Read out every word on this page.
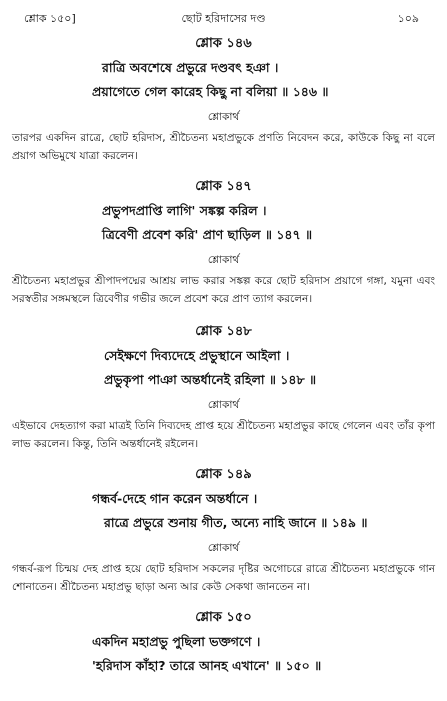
শ্লোক ১৫০]	ছোট হরিদাসের দণ্ড	১০৯

শ্লোক ১৪৬

রাত্রি অবশেষে প্রভুরে দণ্ডবৎ হঞা ।

প্রয়াগেতে গেল কারেহ কিছু না বলিয়া ॥ ১৪৬ ॥

শ্লোকার্থ

তারপর একদিন রাত্রে, ছোট হরিদাস, শ্রীচৈতন্য মহাপ্রভুকে প্রণতি নিবেদন করে, কাউকে কিছু না বলে প্রয়াগ অভিমুখে যাত্রা করলেন।

শ্লোক ১৪৭

প্রভুপদপ্রাপ্তি লাগি' সঙ্কল্প করিল ।

ত্রিবেণী প্রবেশ করি' প্রাণ ছাড়িল ॥ ১৪৭ ॥

শ্লোকার্থ

শ্রীচৈতন্য মহাপ্রভুর শ্রীপাদপদ্মের আশ্রয় লাভ করার সঙ্কল্প করে ছোট হরিদাস প্রয়াগে গঙ্গা, যমুনা এবং সরস্বতীর সঙ্গমস্থলে ত্রিবেণীর গভীর জলে প্রবেশ করে প্রাণ ত্যাগ করলেন।

শ্লোক ১৪৮

সেইক্ষণে দিব্যদেহে প্রভুস্থানে আইলা ।

প্রভুকৃপা পাঞা অন্তর্ধানেই রহিলা ॥ ১৪৮ ॥

শ্লোকার্থ

এইভাবে দেহত্যাগ করা মাত্রই তিনি দিব্যদেহ প্রাপ্ত হয়ে শ্রীচৈতন্য মহাপ্রভুর কাছে গেলেন এবং তাঁর কৃপা লাভ করলেন। কিন্তু, তিনি অন্তর্ধানেই রইলেন।

শ্লোক ১৪৯

গন্ধর্ব-দেহে গান করেন অন্তর্ধানে ।

রাত্রে প্রভুরে শুনায় গীত, অন্যে নাহি জানে ॥ ১৪৯ ॥

শ্লোকার্থ

গন্ধর্ব-রূপ চিন্ময় দেহ প্রাপ্ত হয়ে ছোট হরিদাস সকলের দৃষ্টির অগোচরে রাত্রে শ্রীচৈতন্য মহাপ্রভুকে গান শোনাতেন। শ্রীচৈতন্য মহাপ্রভু ছাড়া অন্য আর কেউ সেকথা জানতেন না।

শ্লোক ১৫০

একদিন মহাপ্রভু পুছিলা ভক্তগণে ।

'হরিদাস কাঁহা? তারে আনহ এখানে' ॥ ১৫০ ॥
